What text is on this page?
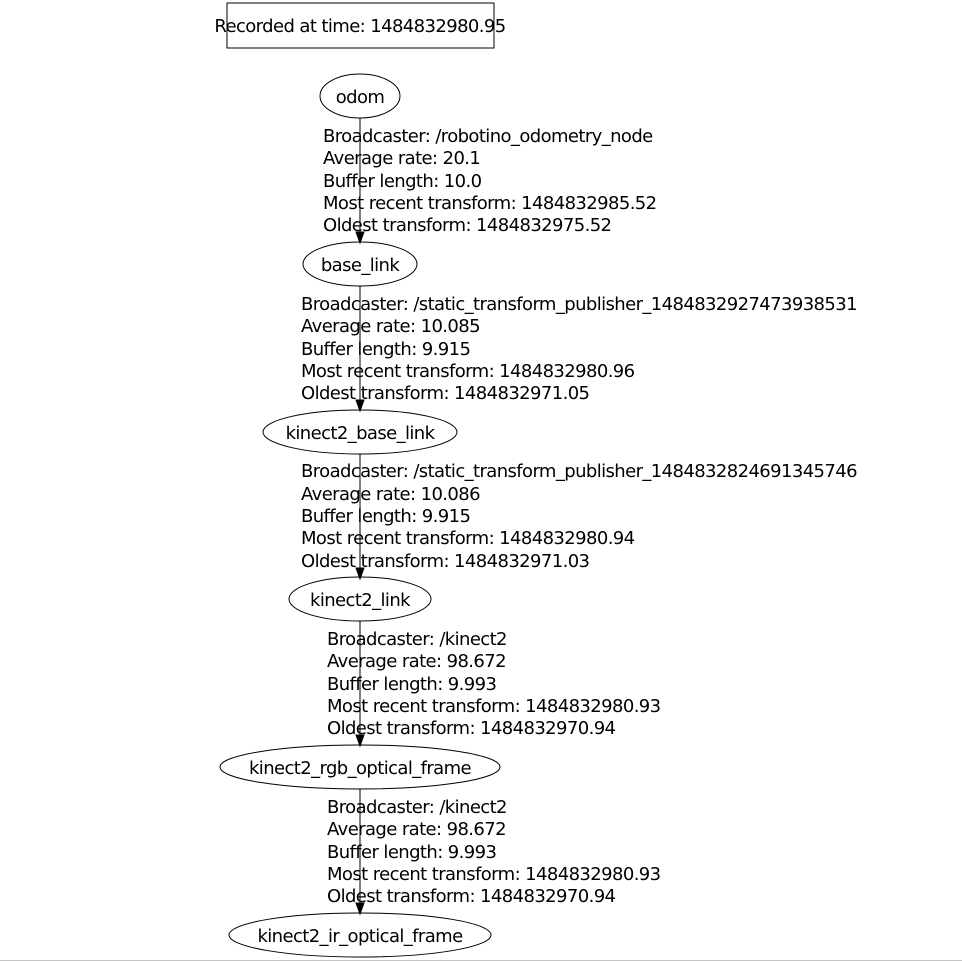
Recorded at time: 1484832980.95
odom
base_link
kinect2_base_link
kinect2_link
kinect2_rgb_optical_frame
kinect2_ir_optical_frame
Broadcaster: /robotino_odometry_node
Average rate: 20.1
Buffer length: 10.0
Most recent transform: 1484832985.52
Oldest transform: 1484832975.52
Broadcaster: /static_transform_publisher_1484832927473938531
Average rate: 10.085
Buffer length: 9.915
Most recent transform: 1484832980.96
Oldest transform: 1484832971.05
Broadcaster: /static_transform_publisher_1484832824691345746
Average rate: 10.086
Buffer length: 9.915
Most recent transform: 1484832980.94
Oldest transform: 1484832971.03
Broadcaster: /kinect2
Average rate: 98.672
Buffer length: 9.993
Most recent transform: 1484832980.93
Oldest transform: 1484832970.94
Broadcaster: /kinect2
Average rate: 98.672
Buffer length: 9.993
Most recent transform: 1484832980.93
Oldest transform: 1484832970.94
